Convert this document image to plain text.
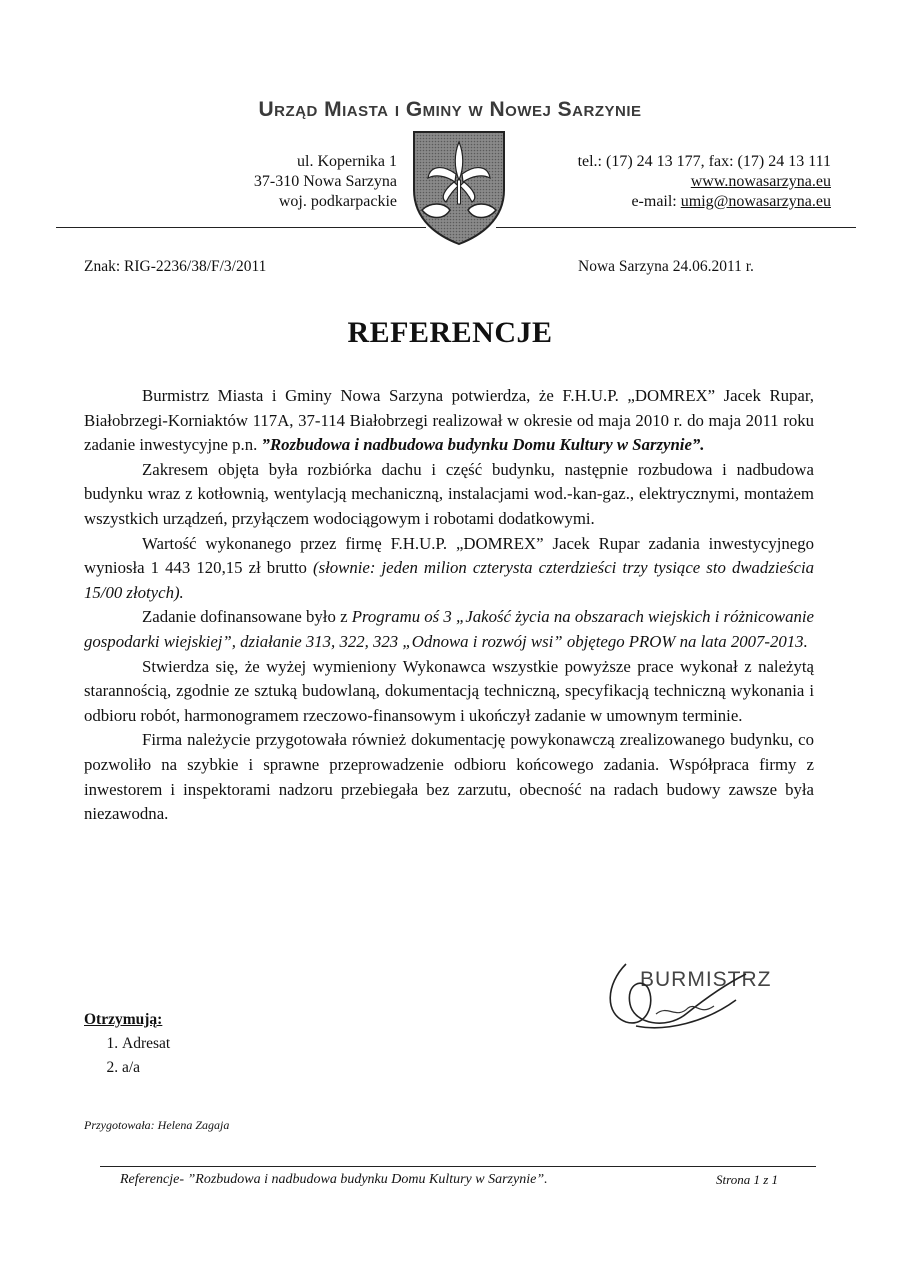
Urząd Miasta i Gminy w Nowej Sarzynie
ul. Kopernika 1
37-310 Nowa Sarzyna
woj. podkarpackie
tel.: (17) 24 13 177, fax: (17) 24 13 111
www.nowasarzyna.eu
e-mail: umig@nowasarzyna.eu
Znak: RIG-2236/38/F/3/2011	Nowa Sarzyna 24.06.2011 r.
REFERENCJE

Burmistrz Miasta i Gminy Nowa Sarzyna potwierdza, że F.H.U.P. „DOMREX” Jacek Rupar, Białobrzegi-Korniaktów 117A, 37-114 Białobrzegi realizował w okresie od maja 2010 r. do maja 2011 roku zadanie inwestycyjne p.n. ”Rozbudowa i nadbudowa budynku Domu Kultury w Sarzynie”.

Zakresem objęta była rozbiórka dachu i część budynku, następnie rozbudowa i nadbudowa budynku wraz z kotłownią, wentylacją mechaniczną, instalacjami wod.-kan-gaz., elektrycznymi, montażem wszystkich urządzeń, przyłączem wodociągowym i robotami dodatkowymi.

Wartość wykonanego przez firmę F.H.U.P. „DOMREX” Jacek Rupar zadania inwestycyjnego wyniosła 1 443 120,15 zł brutto (słownie: jeden milion czterysta czterdzieści trzy tysiące sto dwadzieścia 15/00 złotych).

Zadanie dofinansowane było z Programu oś 3 „Jakość życia na obszarach wiejskich i różnicowanie gospodarki wiejskiej”, działanie 313, 322, 323 „Odnowa i rozwój wsi” objętego PROW na lata 2007-2013.

Stwierdza się, że wyżej wymieniony Wykonawca wszystkie powyższe prace wykonał z należytą starannością, zgodnie ze sztuką budowlaną, dokumentacją techniczną, specyfikacją techniczną wykonania i odbioru robót, harmonogramem rzeczowo-finansowym i ukończył zadanie w umownym terminie.

Firma należycie przygotowała również dokumentację powykonawczą zrealizowanego budynku, co pozwoliło na szybkie i sprawne przeprowadzenie odbioru końcowego zadania. Współpraca firmy z inwestorem i inspektorami nadzoru przebiegała bez zarzutu, obecność na radach budowy zawsze była niezawodna.

BURMISTRZ
Otrzymują:
1. Adresat
2. a/a
Przygotowała: Helena Zagaja
Referencje- ”Rozbudowa i nadbudowa budynku Domu Kultury w Sarzynie”.	Strona 1 z 1
